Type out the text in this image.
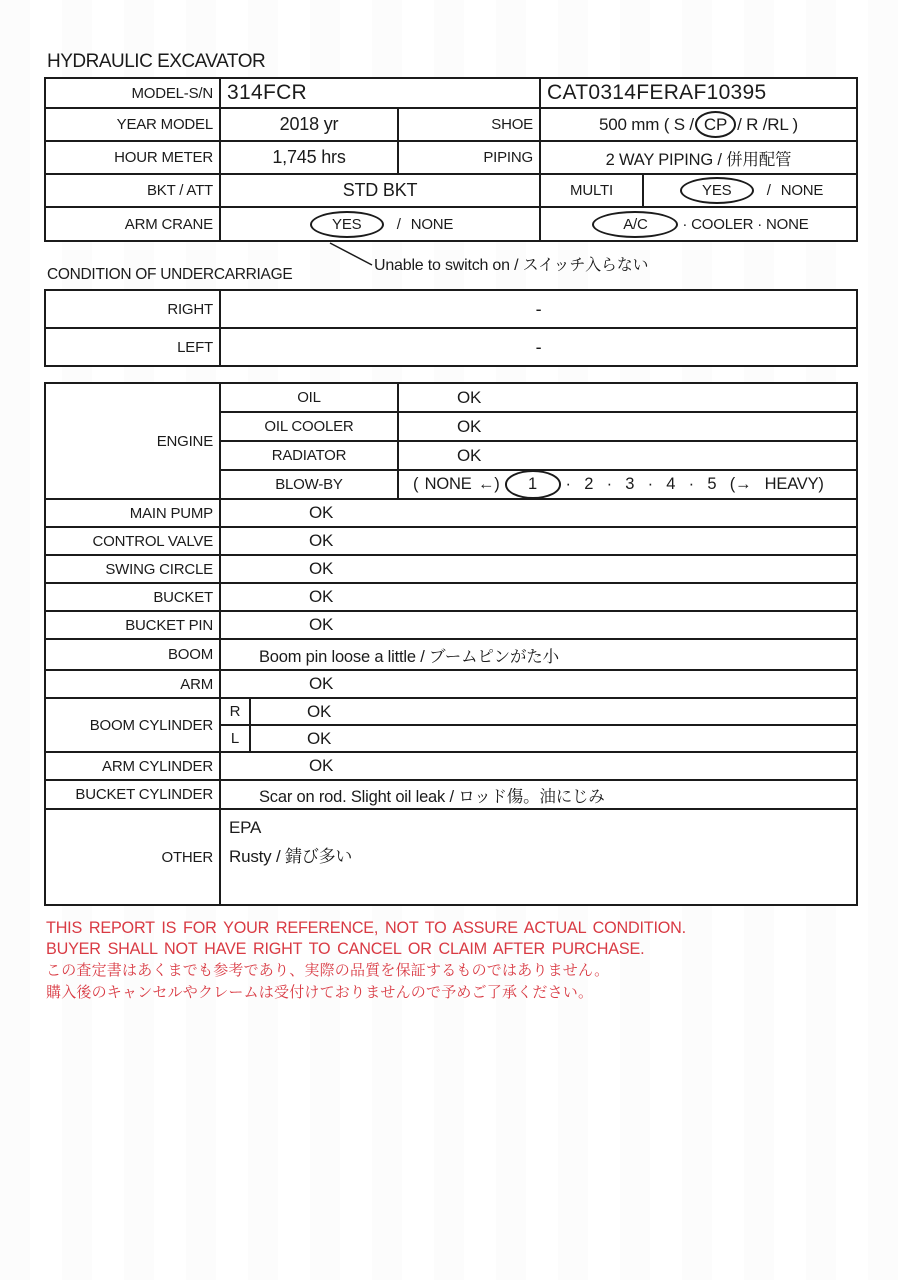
HYDRAULIC EXCAVATOR
MODEL-S/N 314FCR	CAT0314FERAF10395
YEAR MODEL	2018 yr	SHOE	500 mm ( S / CP / R /RL )
HOUR METER	1,745 hrs	PIPING	2 WAY PIPING / 併用配管
BKT / ATT	STD BKT	MULTI	YES	/ NONE
ARM CRANE	YES	/ NONE	A/C	· COOLER · NONE
Unable to switch on / スイッチ入らない
CONDITION OF UNDERCARRIAGE
RIGHT	-
LEFT	-
ENGINE
OIL	OK
OIL COOLER	OK
RADIATOR	OK
BLOW-BY	( NONE ←)	1	· 2 · 3 · 4 · 5 (→ HEAVY)
MAIN PUMP	OK
CONTROL VALVE	OK
SWING CIRCLE	OK
BUCKET	OK
BUCKET PIN	OK
BOOM	Boom pin loose a little / ブームピンがた小
ARM	OK
BOOM CYLINDER
R	OK
L	OK
ARM CYLINDER	OK
BUCKET CYLINDER	Scar on rod. Slight oil leak / ロッド傷。油にじみ
OTHER
EPA
Rusty / 錆び多い
THIS REPORT IS FOR YOUR REFERENCE, NOT TO ASSURE ACTUAL CONDITION.
BUYER SHALL NOT HAVE RIGHT TO CANCEL OR CLAIM AFTER PURCHASE.
この査定書はあくまでも参考であり、実際の品質を保証するものではありません。
購入後のキャンセルやクレームは受付けておりませんので予めご了承ください。
